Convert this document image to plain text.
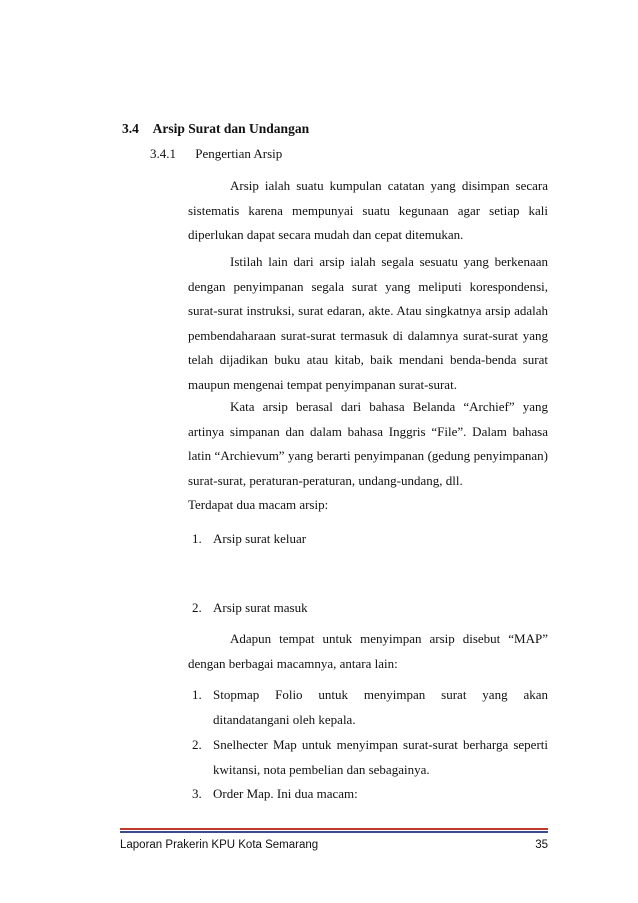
3.4 Arsip Surat dan Undangan
3.4.1 Pengertian Arsip
Arsip ialah suatu kumpulan catatan yang disimpan secara sistematis karena mempunyai suatu kegunaan agar setiap kali diperlukan dapat secara mudah dan cepat ditemukan.
Istilah lain dari arsip ialah segala sesuatu yang berkenaan dengan penyimpanan segala surat yang meliputi korespondensi, surat-surat instruksi, surat edaran, akte. Atau singkatnya arsip adalah pembendaharaan surat-surat termasuk di dalamnya surat-surat yang telah dijadikan buku atau kitab, baik mendani benda-benda surat maupun mengenai tempat penyimpanan surat-surat.
Kata arsip berasal dari bahasa Belanda “Archief” yang artinya simpanan dan dalam bahasa Inggris “File”. Dalam bahasa latin “Archievum” yang berarti penyimpanan (gedung penyimpanan) surat-surat, peraturan-peraturan, undang-undang, dll.
Terdapat dua macam arsip:
1. Arsip surat keluar
2. Arsip surat masuk
Adapun tempat untuk menyimpan arsip disebut “MAP” dengan berbagai macamnya, antara lain:
1. Stopmap Folio untuk menyimpan surat yang akan ditandatangani oleh kepala.
2. Snelhecter Map untuk menyimpan surat-surat berharga seperti kwitansi, nota pembelian dan sebagainya.
3. Order Map. Ini dua macam:
Laporan Prakerin KPU Kota Semarang	35
